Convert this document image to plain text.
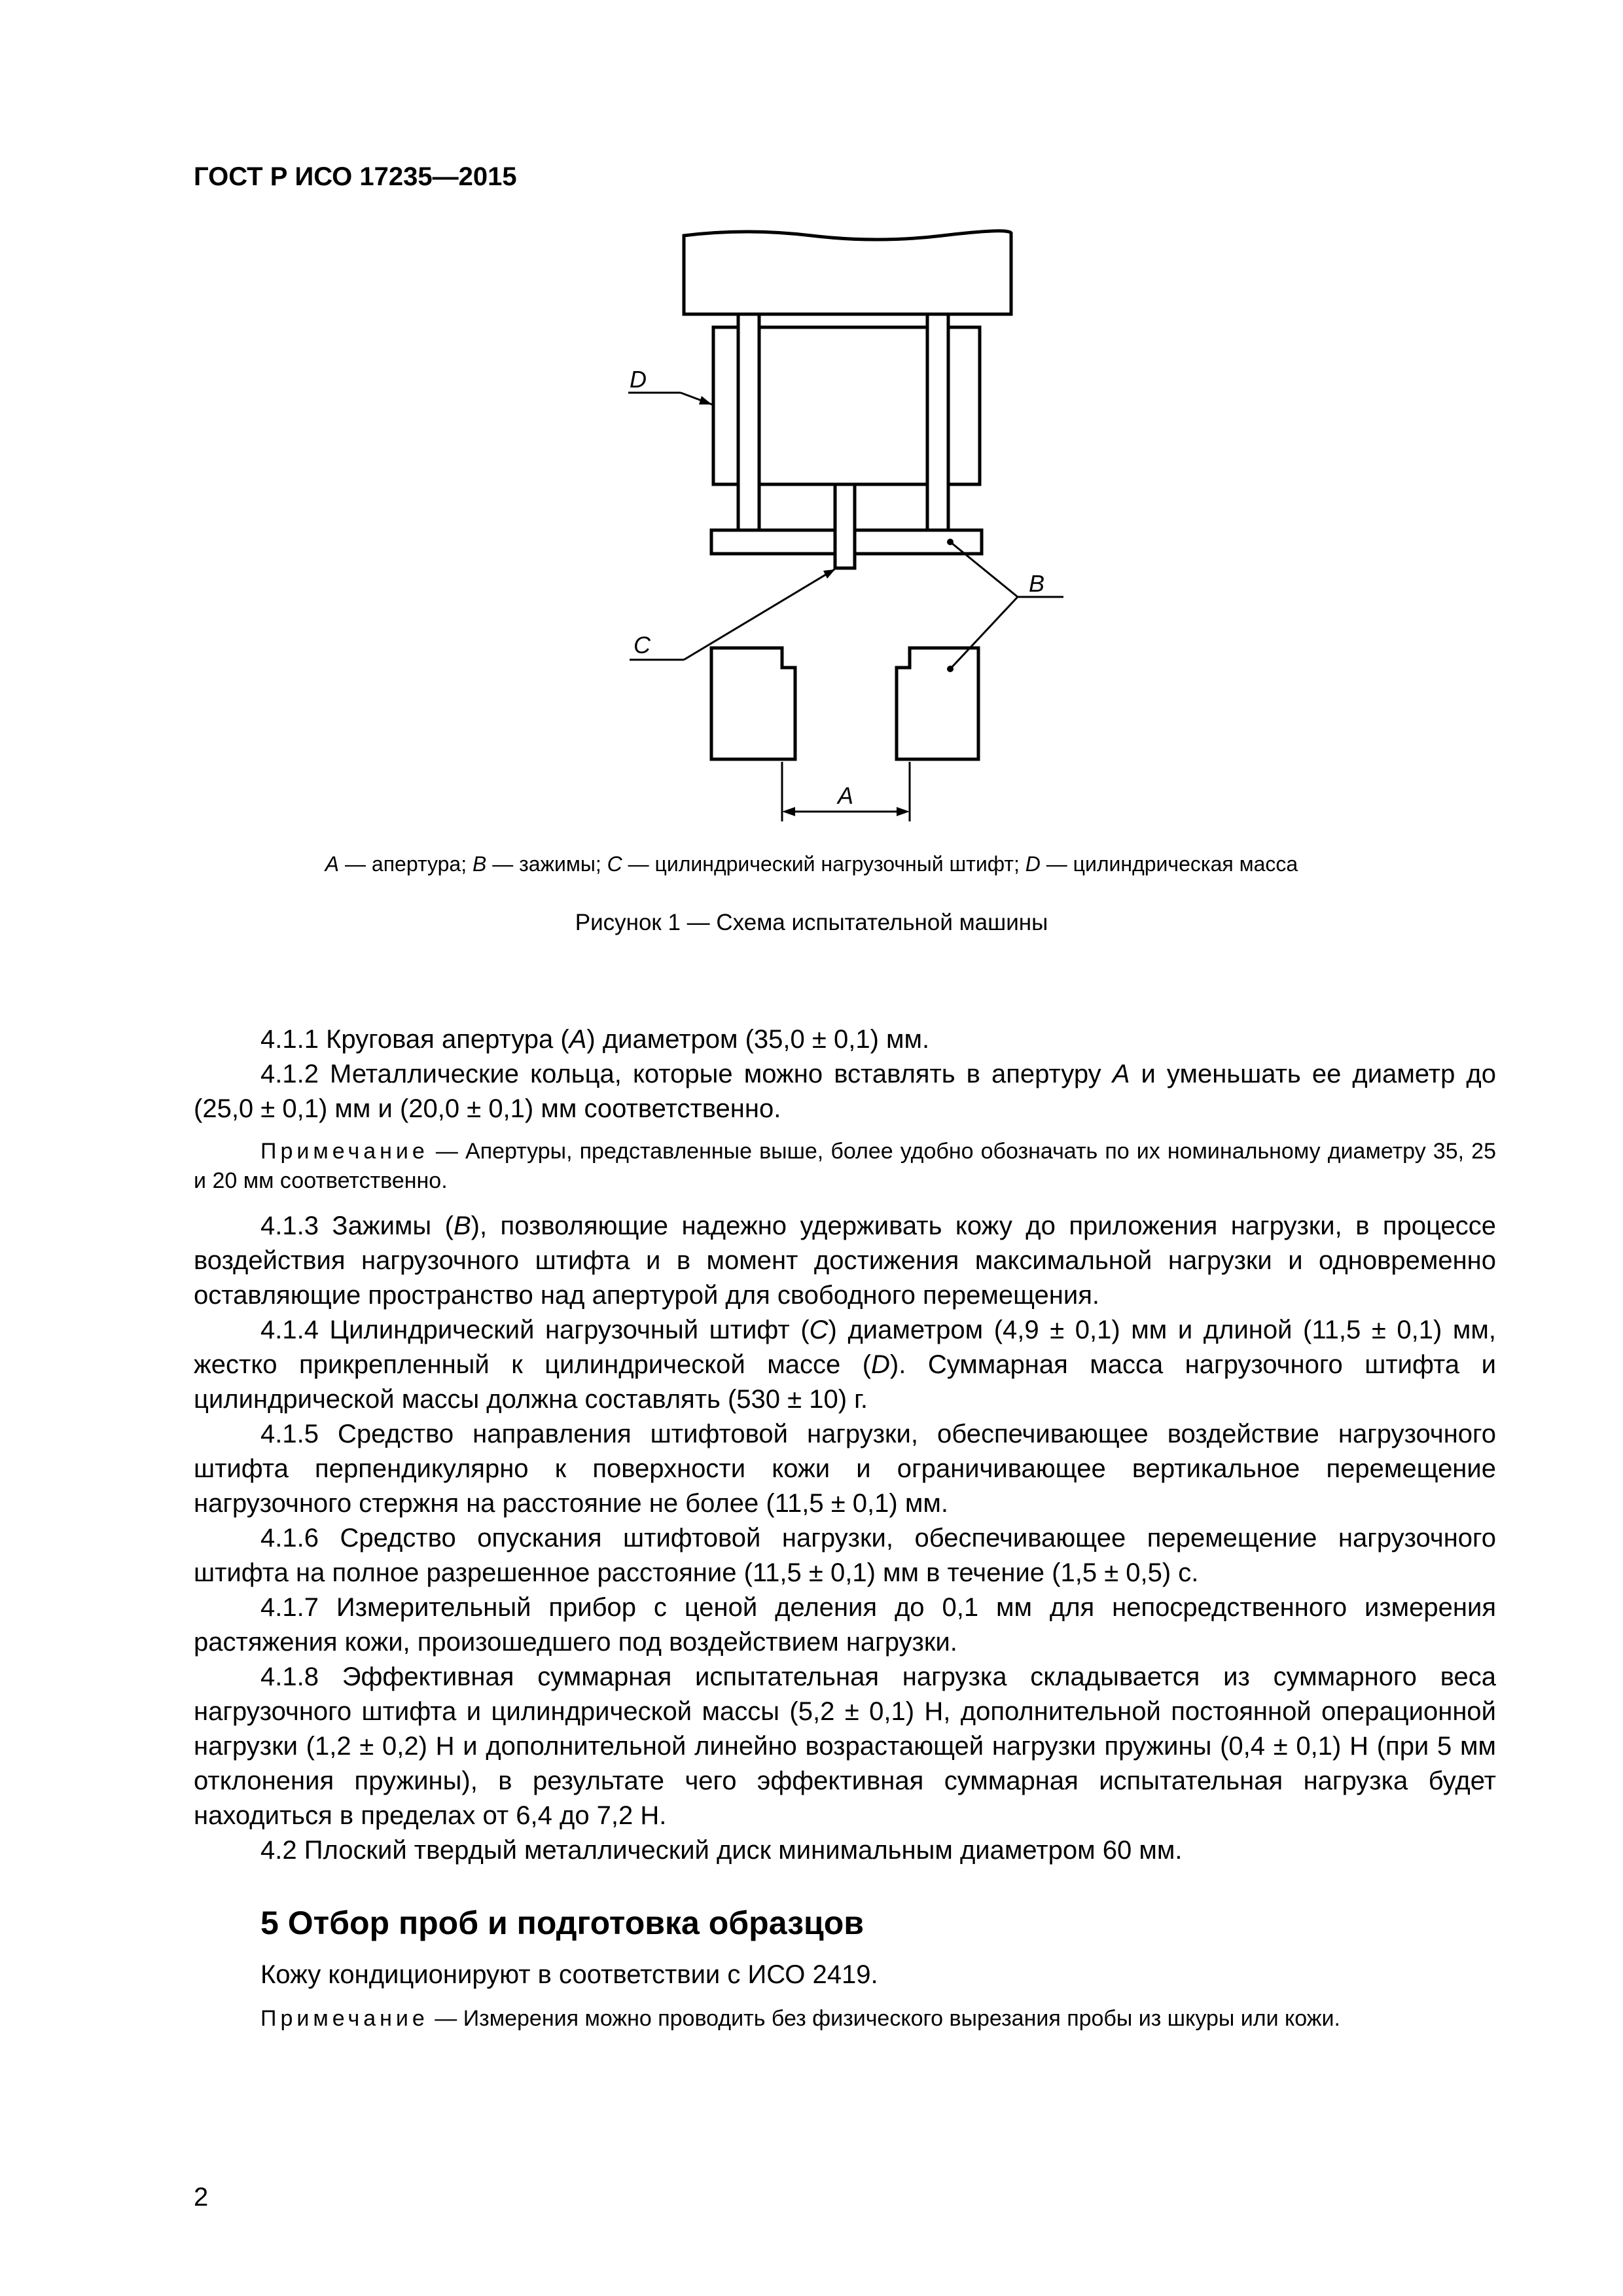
ГОСТ Р ИСО 17235—2015
D
C
B
A
A — апертура; B — зажимы; C — цилиндрический нагрузочный штифт; D — цилиндрическая масса
Рисунок 1 — Схема испытательной машины

4.1.1 Круговая апертура (A) диаметром (35,0 ± 0,1) мм.

4.1.2 Металлические кольца, которые можно вставлять в апертуру A и уменьшать ее диаметр до (25,0 ± 0,1) мм и (20,0 ± 0,1) мм соответственно.

Примечание — Апертуры, представленные выше, более удобно обозначать по их номинальному диаметру 35, 25 и 20 мм соответственно.

4.1.3 Зажимы (B), позволяющие надежно удерживать кожу до приложения нагрузки, в процессе воздействия нагрузочного штифта и в момент достижения максимальной нагрузки и одновременно оставляющие пространство над апертурой для свободного перемещения.

4.1.4 Цилиндрический нагрузочный штифт (C) диаметром (4,9 ± 0,1) мм и длиной (11,5 ± 0,1) мм, жестко прикрепленный к цилиндрической массе (D). Суммарная масса нагрузочного штифта и цилиндрической массы должна составлять (530 ± 10) г.

4.1.5 Средство направления штифтовой нагрузки, обеспечивающее воздействие нагрузочного штифта перпендикулярно к поверхности кожи и ограничивающее вертикальное перемещение нагрузочного стержня на расстояние не более (11,5 ± 0,1) мм.

4.1.6 Средство опускания штифтовой нагрузки, обеспечивающее перемещение нагрузочного штифта на полное разрешенное расстояние (11,5 ± 0,1) мм в течение (1,5 ± 0,5) с.

4.1.7 Измерительный прибор с ценой деления до 0,1 мм для непосредственного измерения растяжения кожи, произошедшего под воздействием нагрузки.

4.1.8 Эффективная суммарная испытательная нагрузка складывается из суммарного веса нагрузочного штифта и цилиндрической массы (5,2 ± 0,1) Н, дополнительной постоянной операционной нагрузки (1,2 ± 0,2) Н и дополнительной линейно возрастающей нагрузки пружины (0,4 ± 0,1) Н (при 5 мм отклонения пружины), в результате чего эффективная суммарная испытательная нагрузка будет находиться в пределах от 6,4 до 7,2 Н.

4.2 Плоский твердый металлический диск минимальным диаметром 60 мм.

5 Отбор проб и подготовка образцов

Кожу кондиционируют в соответствии с ИСО 2419.

Примечание — Измерения можно проводить без физического вырезания пробы из шкуры или кожи.

2
